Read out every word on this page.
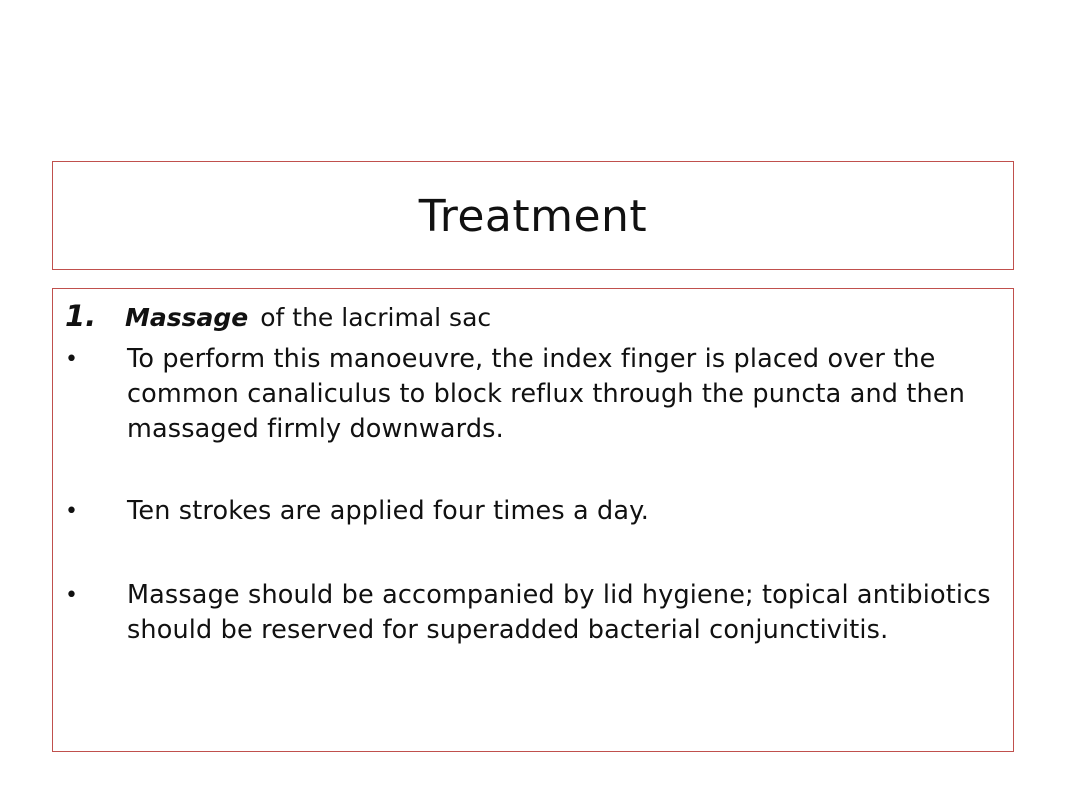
Treatment
1.	Massage of the lacrimal sac
•	To perform this manoeuvre, the index finger is placed over the common canaliculus to block reflux through the puncta and then massaged firmly downwards.
•	Ten strokes are applied four times a day.
•	Massage should be accompanied by lid hygiene; topical antibiotics should be reserved for superadded bacterial conjunctivitis.
